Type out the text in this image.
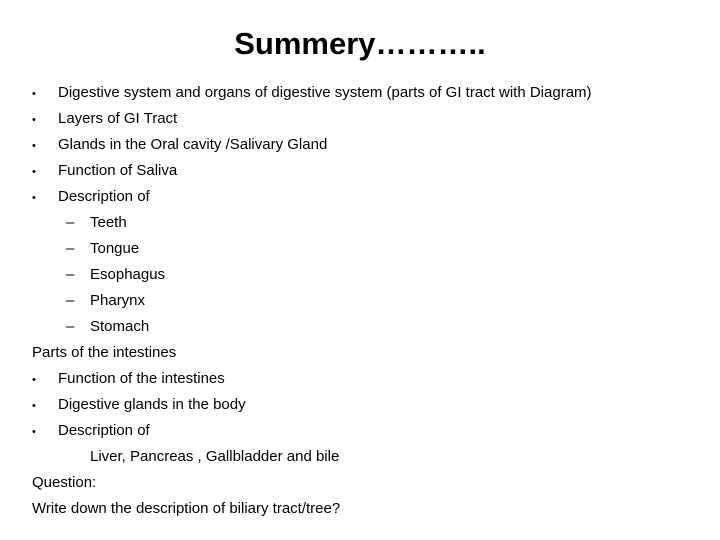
Summery………..
• Digestive system and organs of digestive system (parts of GI tract with Diagram)
• Layers of GI Tract
• Glands in the Oral cavity /Salivary Gland
• Function of Saliva
• Description of
– Teeth
– Tongue
– Esophagus
– Pharynx
– Stomach
Parts of the intestines
• Function of the intestines
• Digestive glands in the body
• Description of
Liver, Pancreas , Gallbladder and bile
Question:
Write down the description of biliary tract/tree?
